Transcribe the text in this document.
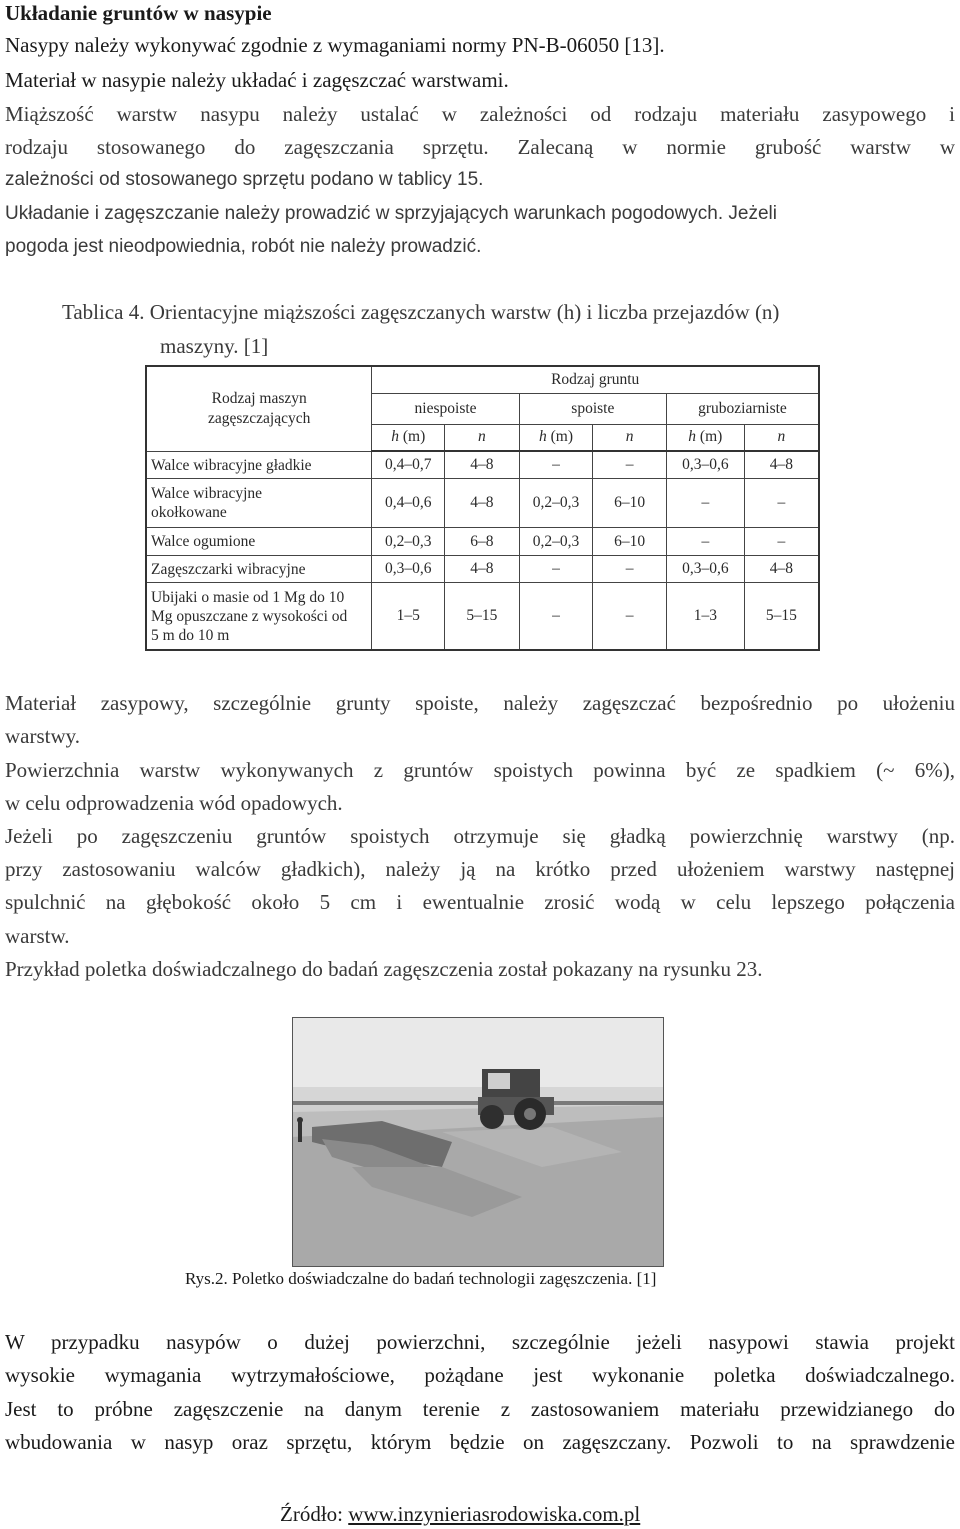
Układanie gruntów w nasypie
Nasypy należy wykonywać zgodnie z wymaganiami normy PN-B-06050 [13].
Materiał w nasypie należy układać i zagęszczać warstwami.
Miąższość warstw nasypu należy ustalać w zależności od rodzaju materiału zasypowego i
rodzaju stosowanego do zagęszczania sprzętu. Zalecaną w normie grubość warstw w
zależności od stosowanego sprzętu podano w tablicy 15.
Układanie i zagęszczanie należy prowadzić w sprzyjających warunkach pogodowych. Jeżeli
pogoda jest nieodpowiednia, robót nie należy prowadzić.
Tablica 4. Orientacyjne miąższości zagęszczanych warstw (h) i liczba przejazdów (n)
maszyny. [1]
Rodzaj maszyn zagęszczających	Rodzaj gruntu					
	niespoiste		spoiste		gruboziarniste	
	h (m)	n	h (m)	n	h (m)	n
Walce wibracyjne gładkie	0,4–0,7	4–8	–	–	0,3–0,6	4–8
Walce wibracyjne okołkowane	0,4–0,6	4–8	0,2–0,3	6–10	–	–
Walce ogumione	0,2–0,3	6–8	0,2–0,3	6–10	–	–
Zagęszczarki wibracyjne	0,3–0,6	4–8	–	–	0,3–0,6	4–8
Ubijaki o masie od 1 Mg do 10 Mg opuszczane z wysokości od 5 m do 10 m	1–5	5–15	–	–	1–3	5–15
Materiał zasypowy, szczególnie grunty spoiste, należy zagęszczać bezpośrednio po ułożeniu
warstwy.
Powierzchnia warstw wykonywanych z gruntów spoistych powinna być ze spadkiem (~ 6%),
w celu odprowadzenia wód opadowych.
Jeżeli po zagęszczeniu gruntów spoistych otrzymuje się gładką powierzchnię warstwy (np.
przy zastosowaniu walców gładkich), należy ją na krótko przed ułożeniem warstwy następnej
spulchnić na głębokość około 5 cm i ewentualnie zrosić wodą w celu lepszego połączenia
warstw.
Przykład poletka doświadczalnego do badań zagęszczenia został pokazany na rysunku 23.
Rys.2. Poletko doświadczalne do badań technologii zagęszczenia. [1]
W przypadku nasypów o dużej powierzchni, szczególnie jeżeli nasypowi stawia projekt
wysokie wymagania wytrzymałościowe, pożądane jest wykonanie poletka doświadczalnego.
Jest to próbne zagęszczenie na danym terenie z zastosowaniem materiału przewidzianego do
wbudowania w nasyp oraz sprzętu, którym będzie on zagęszczany. Pozwoli to na sprawdzenie
Źródło: www.inzynieriasrodowiska.com.pl
